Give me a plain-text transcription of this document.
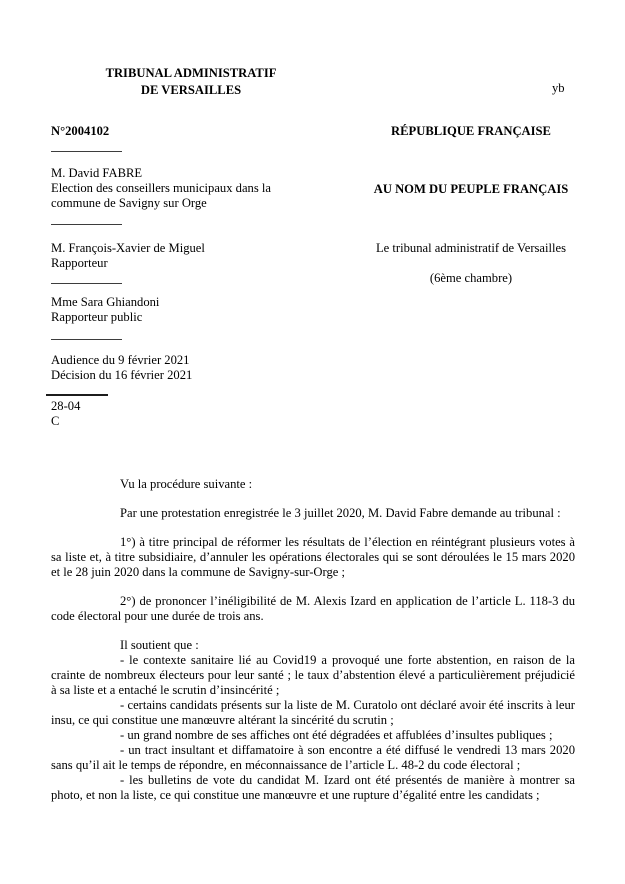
TRIBUNAL ADMINISTRATIF
DE VERSAILLES	yb
N°2004102
M. David FABRE
Election des conseillers municipaux dans la
commune de Savigny sur Orge
M. François-Xavier de Miguel
Rapporteur
Mme Sara Ghiandoni
Rapporteur public
Audience du 9 février 2021
Décision du 16 février 2021
28-04
C
RÉPUBLIQUE FRANÇAISE
AU NOM DU PEUPLE FRANÇAIS
Le tribunal administratif de Versailles
(6ème chambre)

Vu la procédure suivante :

Par une protestation enregistrée le 3 juillet 2020, M. David Fabre demande au tribunal :

1°) à titre principal de réformer les résultats de l’élection en réintégrant plusieurs votes à sa liste et, à titre subsidiaire, d’annuler les opérations électorales qui se sont déroulées le 15 mars 2020 et le 28 juin 2020 dans la commune de Savigny-sur-Orge ;

2°) de prononcer l’inéligibilité de M. Alexis Izard en application de l’article L. 118-3 du code électoral pour une durée de trois ans.

Il soutient que :

- le contexte sanitaire lié au Covid19 a provoqué une forte abstention, en raison de la crainte de nombreux électeurs pour leur santé ; le taux d’abstention élevé a particulièrement préjudicié à sa liste et a entaché le scrutin d’insincérité ;

- certains candidats présents sur la liste de M. Curatolo ont déclaré avoir été inscrits à leur insu, ce qui constitue une manœuvre altérant la sincérité du scrutin ;

- un grand nombre de ses affiches ont été dégradées et affublées d’insultes publiques ;

- un tract insultant et diffamatoire à son encontre a été diffusé le vendredi 13 mars 2020 sans qu’il ait le temps de répondre, en méconnaissance de l’article L. 48-2 du code électoral ;

- les bulletins de vote du candidat M. Izard ont été présentés de manière à montrer sa photo, et non la liste, ce qui constitue une manœuvre et une rupture d’égalité entre les candidats ;
